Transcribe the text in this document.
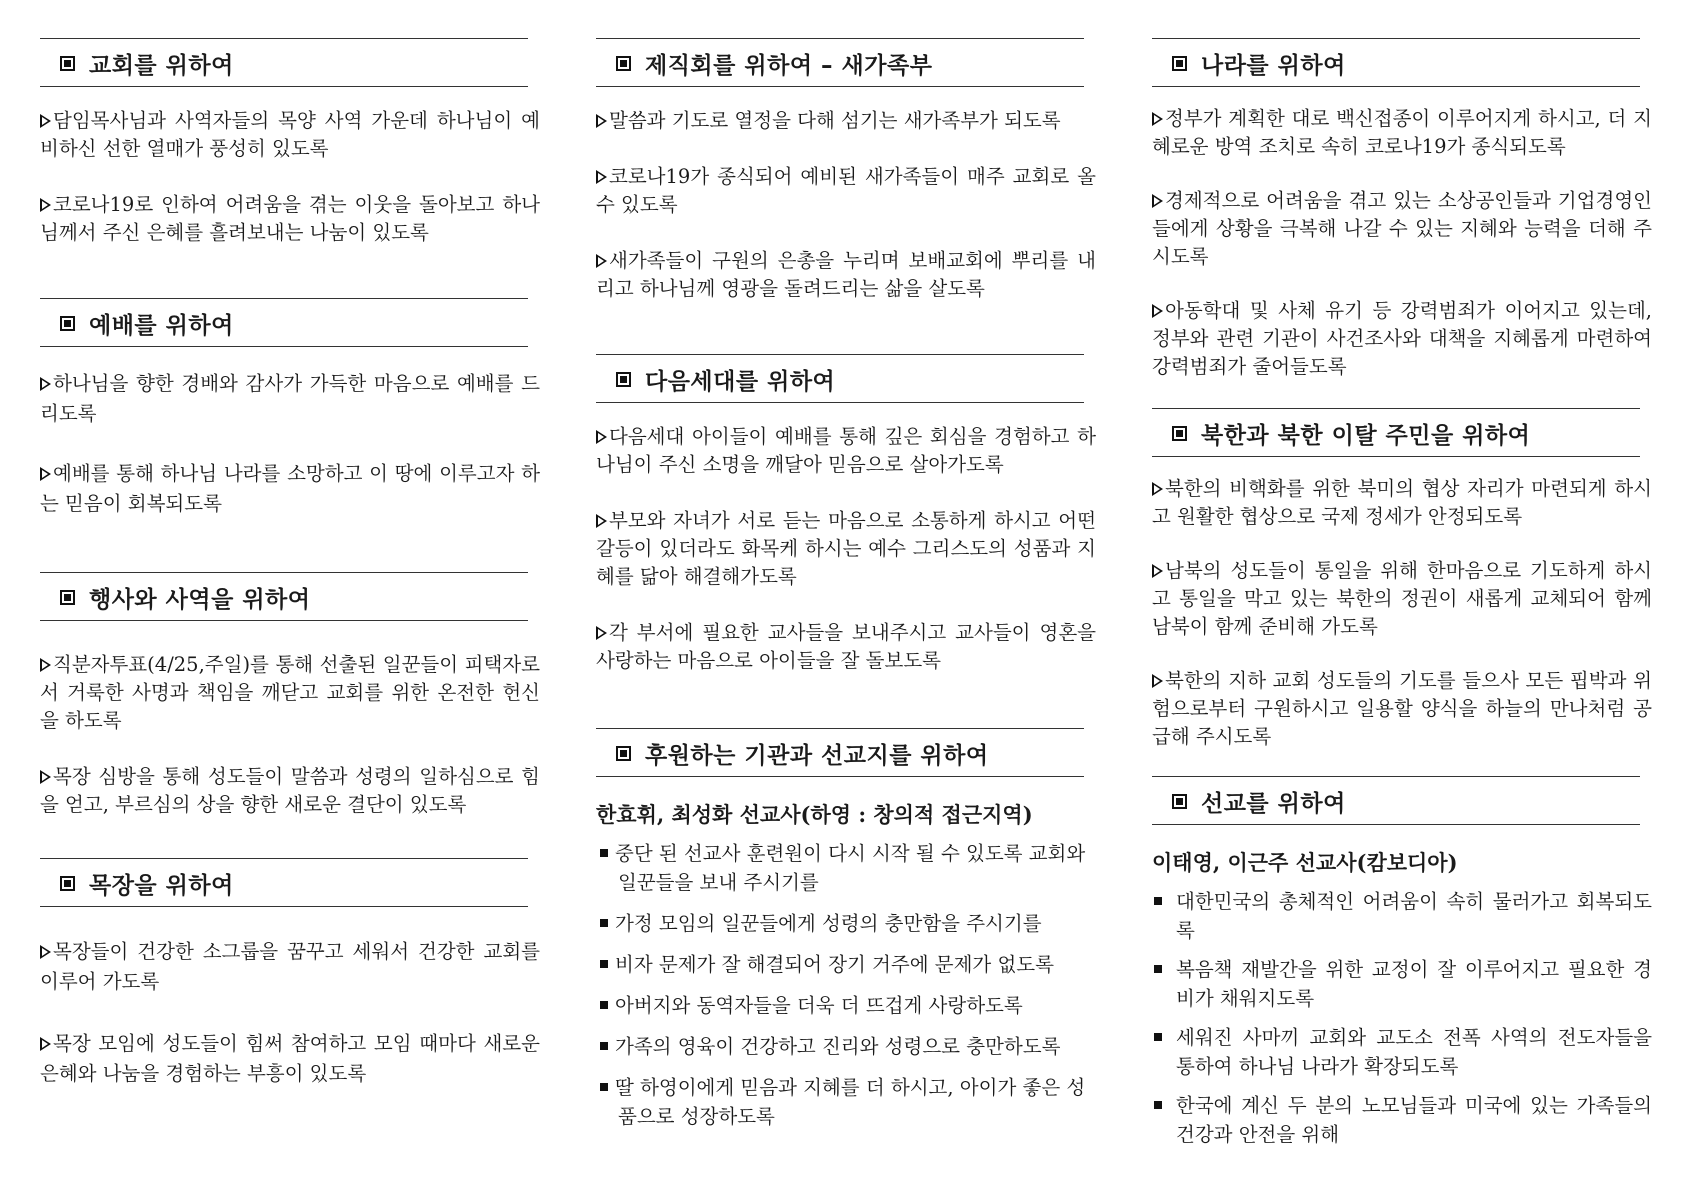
교회를 위하여

담임목사님과 사역자들의 목양 사역 가운데 하나님이 예비하신 선한 열매가 풍성히 있도록

코로나19로 인하여 어려움을 겪는 이웃을 돌아보고 하나님께서 주신 은혜를 흘려보내는 나눔이 있도록

예배를 위하여

하나님을 향한 경배와 감사가 가득한 마음으로 예배를 드리도록

예배를 통해 하나님 나라를 소망하고 이 땅에 이루고자 하는 믿음이 회복되도록

행사와 사역을 위하여

직분자투표(4/25,주일)를 통해 선출된 일꾼들이 피택자로서 거룩한 사명과 책임을 깨닫고 교회를 위한 온전한 헌신을 하도록

목장 심방을 통해 성도들이 말씀과 성령의 일하심으로 힘을 얻고, 부르심의 상을 향한 새로운 결단이 있도록

목장을 위하여

목장들이 건강한 소그룹을 꿈꾸고 세워서 건강한 교회를 이루어 가도록

목장 모임에 성도들이 힘써 참여하고 모임 때마다 새로운 은혜와 나눔을 경험하는 부흥이 있도록

제직회를 위하여 – 새가족부

말씀과 기도로 열정을 다해 섬기는 새가족부가 되도록

코로나19가 종식되어 예비된 새가족들이 매주 교회로 올 수 있도록

새가족들이 구원의 은총을 누리며 보배교회에 뿌리를 내리고 하나님께 영광을 돌려드리는 삶을 살도록

다음세대를 위하여

다음세대 아이들이 예배를 통해 깊은 회심을 경험하고 하나님이 주신 소명을 깨달아 믿음으로 살아가도록

부모와 자녀가 서로 듣는 마음으로 소통하게 하시고 어떤 갈등이 있더라도 화목케 하시는 예수 그리스도의 성품과 지혜를 닮아 해결해가도록

각 부서에 필요한 교사들을 보내주시고 교사들이 영혼을 사랑하는 마음으로 아이들을 잘 돌보도록

후원하는 기관과 선교지를 위하여

한효휘, 최성화 선교사(하영 : 창의적 접근지역)

중단 된 선교사 훈련원이 다시 시작 될 수 있도록 교회와 일꾼들을 보내 주시기를

가정 모임의 일꾼들에게 성령의 충만함을 주시기를

비자 문제가 잘 해결되어 장기 거주에 문제가 없도록

아버지와 동역자들을 더욱 더 뜨겁게 사랑하도록

가족의 영육이 건강하고 진리와 성령으로 충만하도록

딸 하영이에게 믿음과 지혜를 더 하시고, 아이가 좋은 성품으로 성장하도록

나라를 위하여

정부가 계획한 대로 백신접종이 이루어지게 하시고, 더 지혜로운 방역 조치로 속히 코로나19가 종식되도록

경제적으로 어려움을 겪고 있는 소상공인들과 기업경영인들에게 상황을 극복해 나갈 수 있는 지혜와 능력을 더해 주시도록

아동학대 및 사체 유기 등 강력범죄가 이어지고 있는데, 정부와 관련 기관이 사건조사와 대책을 지혜롭게 마련하여 강력범죄가 줄어들도록

북한과 북한 이탈 주민을 위하여

북한의 비핵화를 위한 북미의 협상 자리가 마련되게 하시고 원활한 협상으로 국제 정세가 안정되도록

남북의 성도들이 통일을 위해 한마음으로 기도하게 하시고 통일을 막고 있는 북한의 정권이 새롭게 교체되어 함께 남북이 함께 준비해 가도록

북한의 지하 교회 성도들의 기도를 들으사 모든 핍박과 위험으로부터 구원하시고 일용할 양식을 하늘의 만나처럼 공급해 주시도록

선교를 위하여

이태영, 이근주 선교사(캄보디아)

대한민국의 총체적인 어려움이 속히 물러가고 회복되도록

복음책 재발간을 위한 교정이 잘 이루어지고 필요한 경비가 채워지도록

세워진 사마끼 교회와 교도소 전폭 사역의 전도자들을 통하여 하나님 나라가 확장되도록

한국에 계신 두 분의 노모님들과 미국에 있는 가족들의 건강과 안전을 위해
